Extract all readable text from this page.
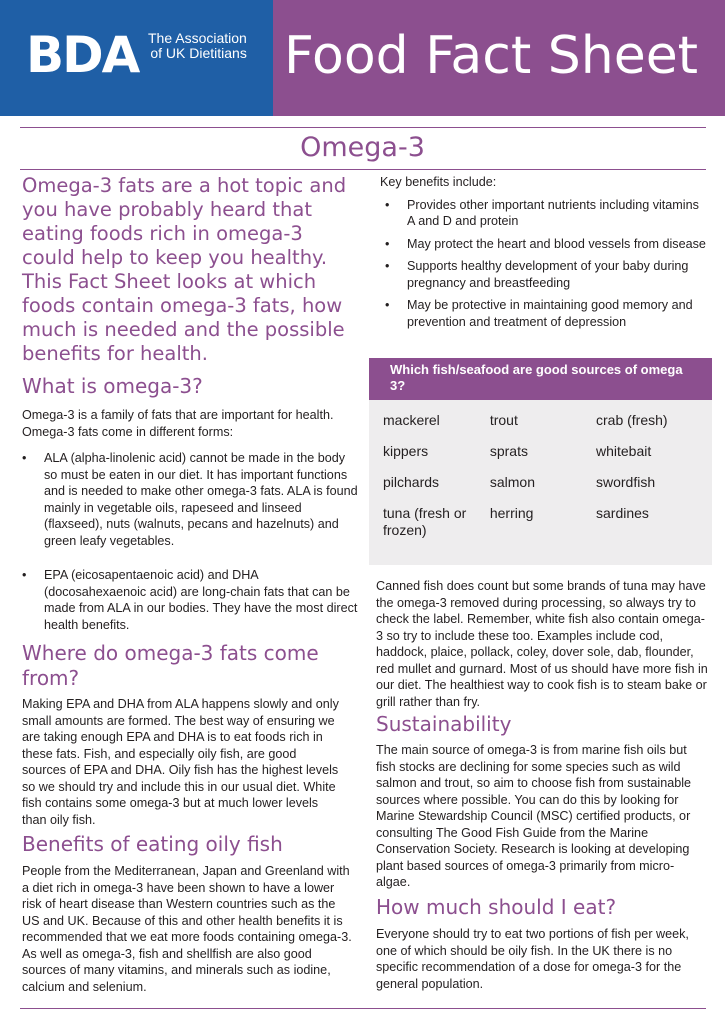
BDA The Association
of UK Dietitians Food Fact Sheet
Omega-3

Omega-3 fats are a hot topic and you have probably heard that eating foods rich in omega-3 could help to keep you healthy. This Fact Sheet looks at which foods contain omega-3 fats, how much is needed and the possible benefits for health.

What is omega-3?

Omega-3 is a family of fats that are important for health. Omega-3 fats come in different forms:

• ALA (alpha-linolenic acid) cannot be made in the body so must be eaten in our diet. It has important functions and is needed to make other omega-3 fats. ALA is found mainly in vegetable oils, rapeseed and linseed (flaxseed), nuts (walnuts, pecans and hazelnuts) and green leafy vegetables.
• EPA (eicosapentaenoic acid) and DHA (docosahexaenoic acid) are long-chain fats that can be made from ALA in our bodies. They have the most direct health benefits.
Where do omega-3 fats come from?

Making EPA and DHA from ALA happens slowly and only small amounts are formed. The best way of ensuring we are taking enough EPA and DHA is to eat foods rich in these fats. Fish, and especially oily fish, are good sources of EPA and DHA. Oily fish has the highest levels so we should try and include this in our usual diet. White fish contains some omega-3 but at much lower levels than oily fish.

Benefits of eating oily fish

People from the Mediterranean, Japan and Greenland with a diet rich in omega-3 have been shown to have a lower risk of heart disease than Western countries such as the US and UK. Because of this and other health benefits it is recommended that we eat more foods containing omega-3. As well as omega-3, fish and shellfish are also good sources of many vitamins, and minerals such as iodine, calcium and selenium.

Key benefits include:

• Provides other important nutrients including vitamins A and D and protein
• May protect the heart and blood vessels from disease
• Supports healthy development of your baby during pregnancy and breastfeeding
• May be protective in maintaining good memory and prevention and treatment of depression
Which fish/seafood are good sources of omega 3?
mackerel	trout	crab (fresh)
kippers	sprats	whitebait
pilchards	salmon	swordfish
tuna (fresh or frozen)	herring	sardines

Canned fish does count but some brands of tuna may have the omega-3 removed during processing, so always try to check the label. Remember, white fish also contain omega-3 so try to include these too. Examples include cod, haddock, plaice, pollack, coley, dover sole, dab, flounder, red mullet and gurnard. Most of us should have more fish in our diet. The healthiest way to cook fish is to steam bake or grill rather than fry.

Sustainability

The main source of omega-3 is from marine fish oils but fish stocks are declining for some species such as wild salmon and trout, so aim to choose fish from sustainable sources where possible. You can do this by looking for Marine Stewardship Council (MSC) certified products, or consulting The Good Fish Guide from the Marine Conservation Society. Research is looking at developing plant based sources of omega-3 primarily from micro- algae.

How much should I eat?

Everyone should try to eat two portions of fish per week, one of which should be oily fish. In the UK there is no specific recommendation of a dose for omega-3 for the general population.
